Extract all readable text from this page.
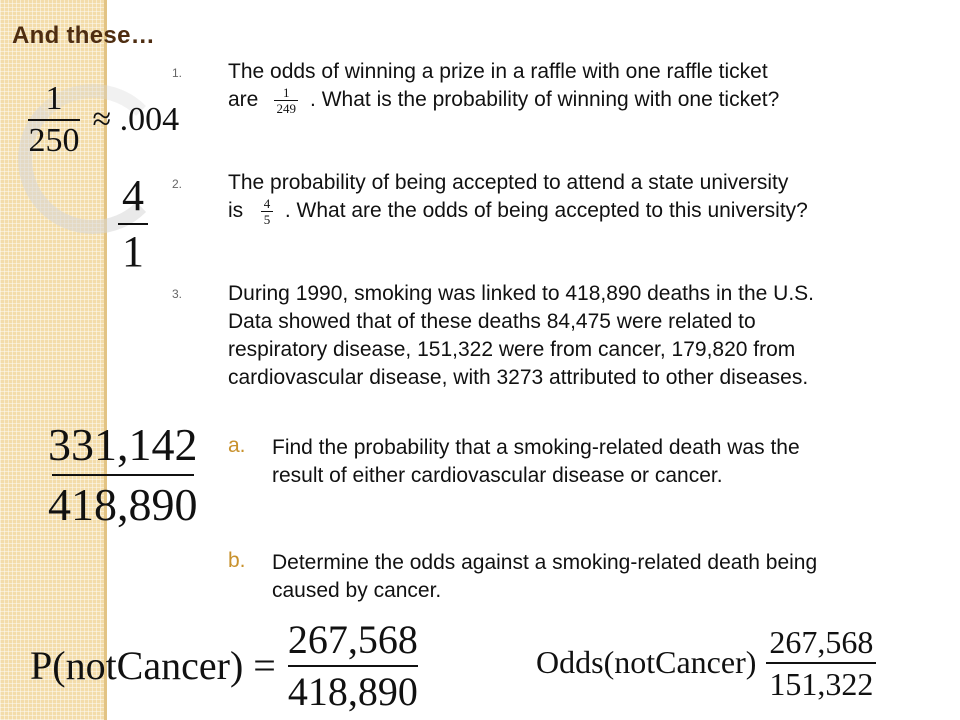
And these…
$\frac{1}{250} \approx .004$
$\frac{4}{1}$
$\frac{331,142}{418,890}$
1. The odds of winning a prize in a raffle with one raffle ticket
are $\frac{1}{249}$ . What is the probability of winning with one ticket?
2. The probability of being accepted to attend a state university
is $\frac{4}{5}$ . What are the odds of being accepted to this university?
3. During 1990, smoking was linked to 418,890 deaths in the U.S.
Data showed that of these deaths 84,475 were related to
respiratory disease, 151,322 were from cancer, 179,820 from
cardiovascular disease, with 3273 attributed to other diseases.
a. Find the probability that a smoking-related death was the
result of either cardiovascular disease or cancer.
b. Determine the odds against a smoking-related death being
caused by cancer.
P(notCancer) = $\frac{267,568}{418,890}$	Odds(notCancer) $\frac{267,568}{151,322}$
